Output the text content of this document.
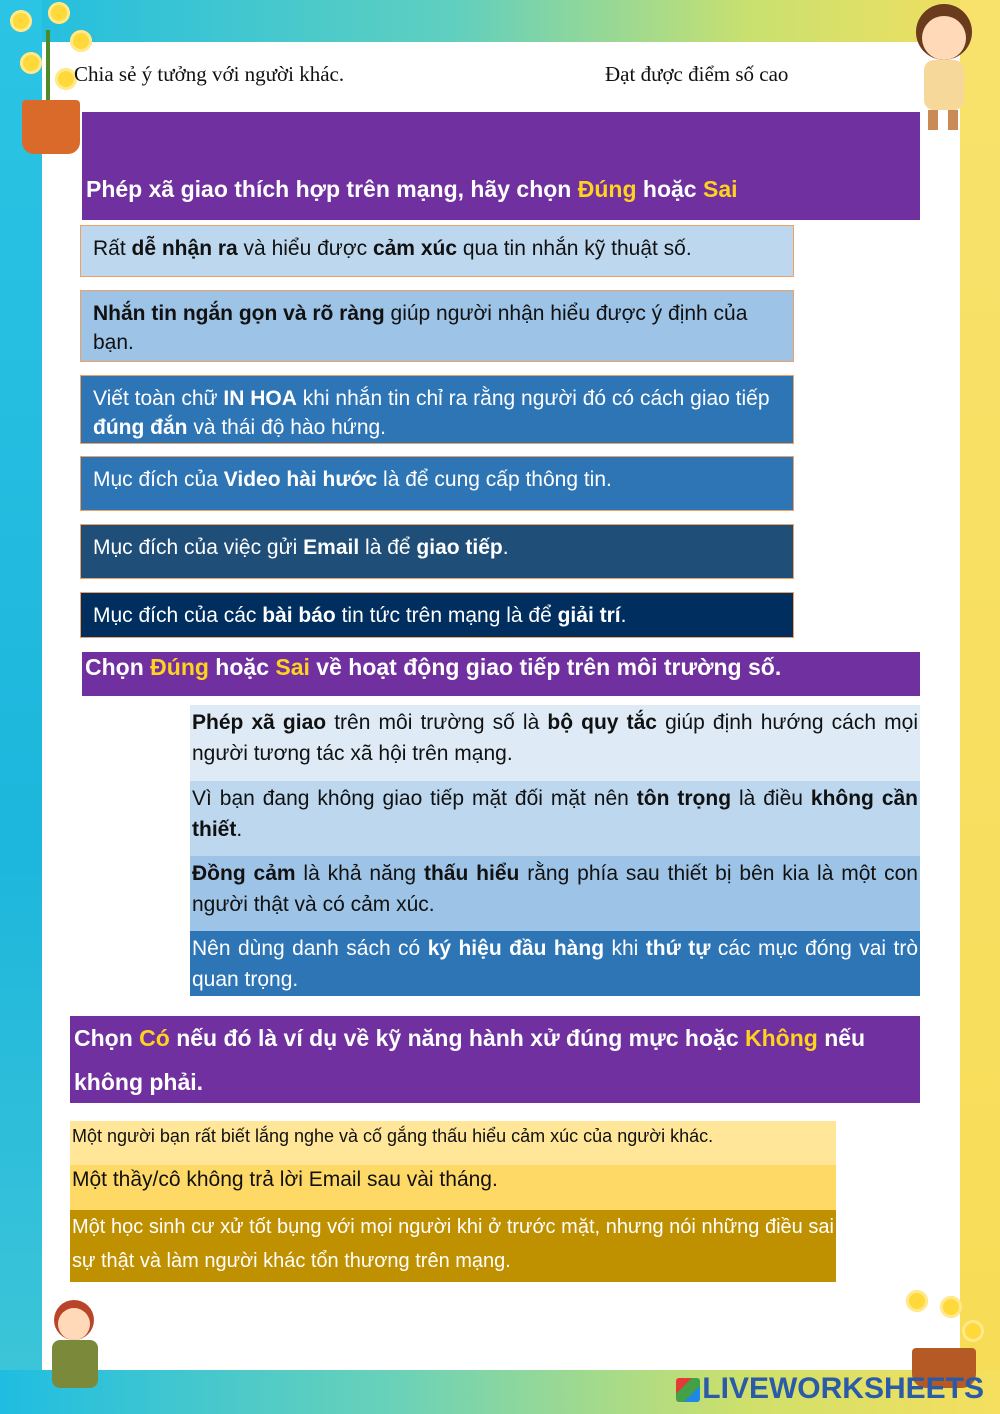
Chia sẻ ý tưởng với người khác.	Đạt được điểm số cao
Phép xã giao thích hợp trên mạng, hãy chọn Đúng hoặc Sai
Rất dễ nhận ra và hiểu được cảm xúc qua tin nhắn kỹ thuật số.
Nhắn tin ngắn gọn và rõ ràng giúp người nhận hiểu được ý định của bạn.
Viết toàn chữ IN HOA khi nhắn tin chỉ ra rằng người đó có cách giao tiếp đúng đắn và thái độ hào hứng.
Mục đích của Video hài hước là để cung cấp thông tin.
Mục đích của việc gửi Email là để giao tiếp.
Mục đích của các bài báo tin tức trên mạng là để giải trí.
Chọn Đúng hoặc Sai về hoạt động giao tiếp trên môi trường số.
Phép xã giao trên môi trường số là bộ quy tắc giúp định hướng cách mọi người tương tác xã hội trên mạng.
Vì bạn đang không giao tiếp mặt đối mặt nên tôn trọng là điều không cần thiết.
Đồng cảm là khả năng thấu hiểu rằng phía sau thiết bị bên kia là một con người thật và có cảm xúc.
Nên dùng danh sách có ký hiệu đầu hàng khi thứ tự các mục đóng vai trò quan trọng.
Chọn Có nếu đó là ví dụ về kỹ năng hành xử đúng mực hoặc Không nếu không phải.
Một người bạn rất biết lắng nghe và cố gắng thấu hiểu cảm xúc của người khác.
Một thầy/cô không trả lời Email sau vài tháng.
Một học sinh cư xử tốt bụng với mọi người khi ở trước mặt, nhưng nói những điều sai sự thật và làm người khác tổn thương trên mạng.
LIVEWORKSHEETS
